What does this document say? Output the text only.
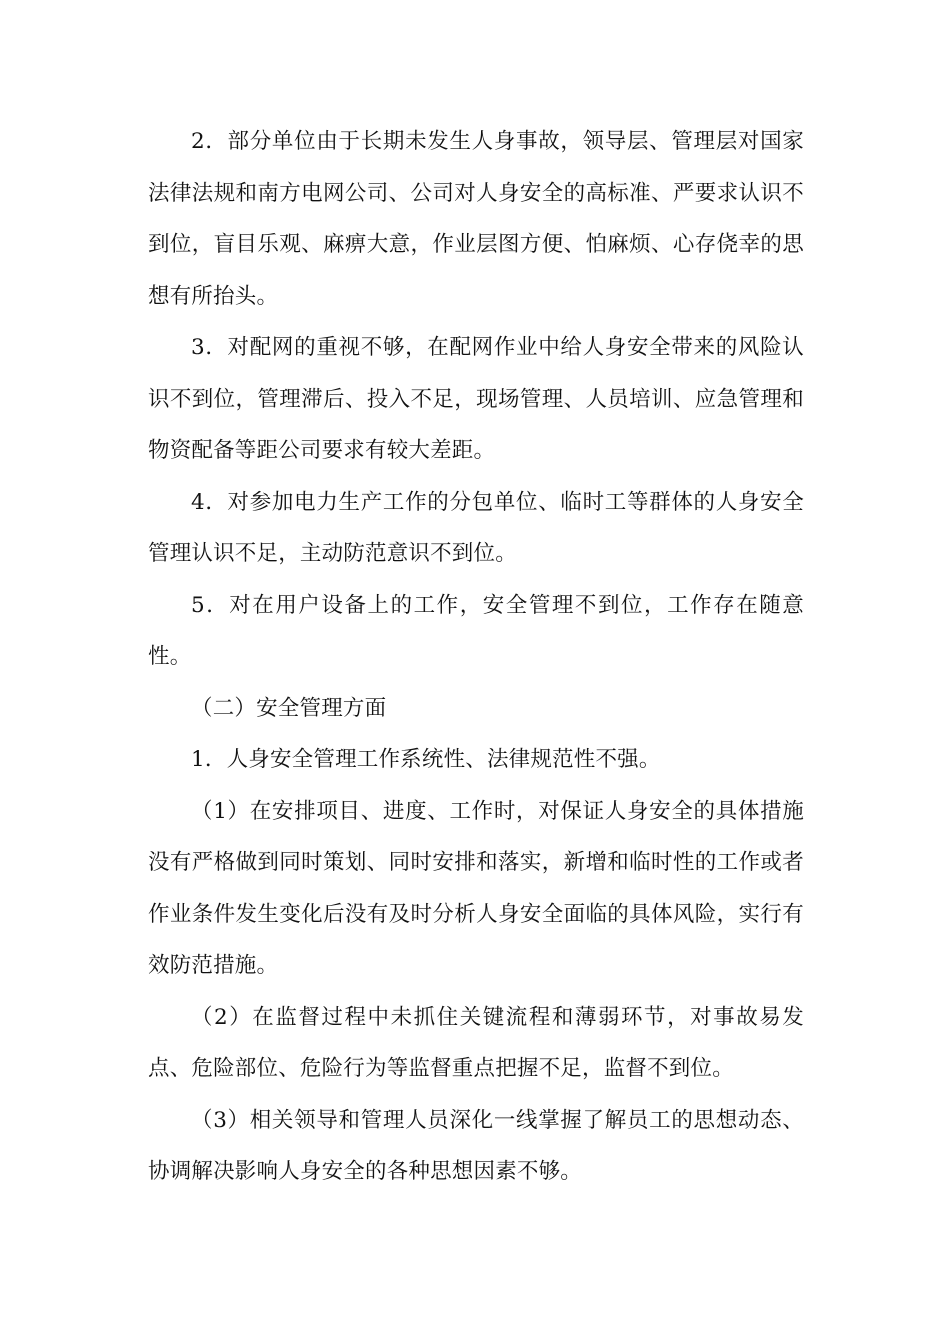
2．部分单位由于长期未发生人身事故，领导层、管理层对国家法律法规和南方电网公司、公司对人身安全的高标准、严要求认识不到位，盲目乐观、麻痹大意，作业层图方便、怕麻烦、心存侥幸的思想有所抬头。

3．对配网的重视不够，在配网作业中给人身安全带来的风险认识不到位，管理滞后、投入不足，现场管理、人员培训、应急管理和物资配备等距公司要求有较大差距。

4．对参加电力生产工作的分包单位、临时工等群体的人身安全管理认识不足，主动防范意识不到位。

5．对在用户设备上的工作，安全管理不到位，工作存在随意性。

（二）安全管理方面

1．人身安全管理工作系统性、法律规范性不强。

（1）在安排项目、进度、工作时，对保证人身安全的具体措施没有严格做到同时策划、同时安排和落实，新增和临时性的工作或者作业条件发生变化后没有及时分析人身安全面临的具体风险，实行有效防范措施。

（2）在监督过程中未抓住关键流程和薄弱环节，对事故易发点、危险部位、危险行为等监督重点把握不足，监督不到位。

（3）相关领导和管理人员深化一线掌握了解员工的思想动态、协调解决影响人身安全的各种思想因素不够。
